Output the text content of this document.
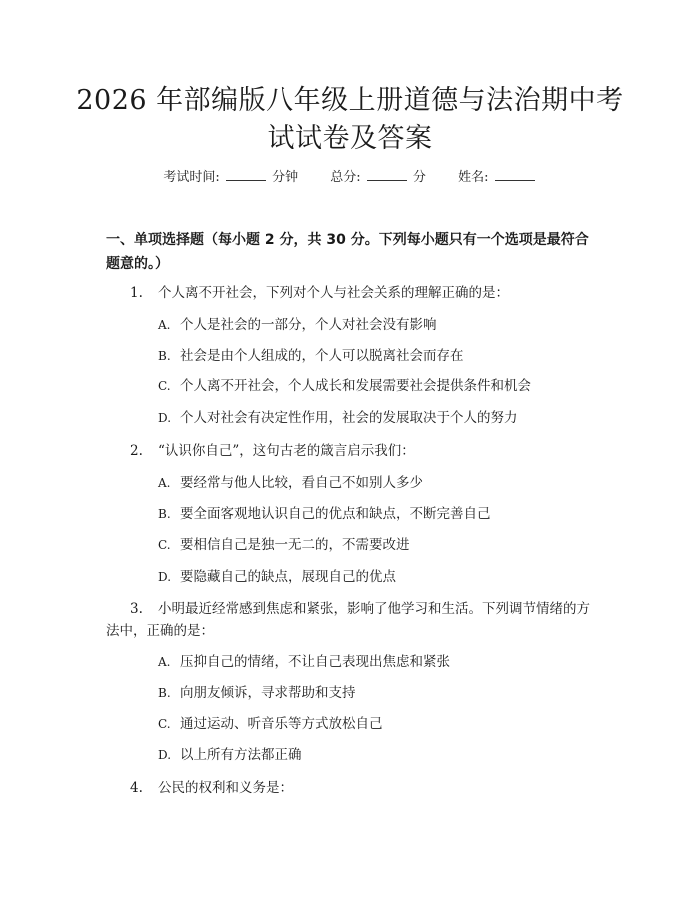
2026 年部编版八年级上册道德与法治期中考
试试卷及答案
考试时间:	分钟 总分:	分 姓名:
一、单项选择题（每小题 2 分，共 30 分。下列每小题只有一个选项是最符合题意的。）
1. 个人离不开社会，下列对个人与社会关系的理解正确的是：
A. 个人是社会的一部分，个人对社会没有影响
B. 社会是由个人组成的，个人可以脱离社会而存在
C. 个人离不开社会，个人成长和发展需要社会提供条件和机会
D. 个人对社会有决定性作用，社会的发展取决于个人的努力
2. “认识你自己”，这句古老的箴言启示我们：
A. 要经常与他人比较，看自己不如别人多少
B. 要全面客观地认识自己的优点和缺点，不断完善自己
C. 要相信自己是独一无二的，不需要改进
D. 要隐藏自己的缺点，展现自己的优点
3. 小明最近经常感到焦虑和紧张，影响了他学习和生活。下列调节情绪的方
法中，正确的是：
A. 压抑自己的情绪，不让自己表现出焦虑和紧张
B. 向朋友倾诉，寻求帮助和支持
C. 通过运动、听音乐等方式放松自己
D. 以上所有方法都正确
4. 公民的权利和义务是：
